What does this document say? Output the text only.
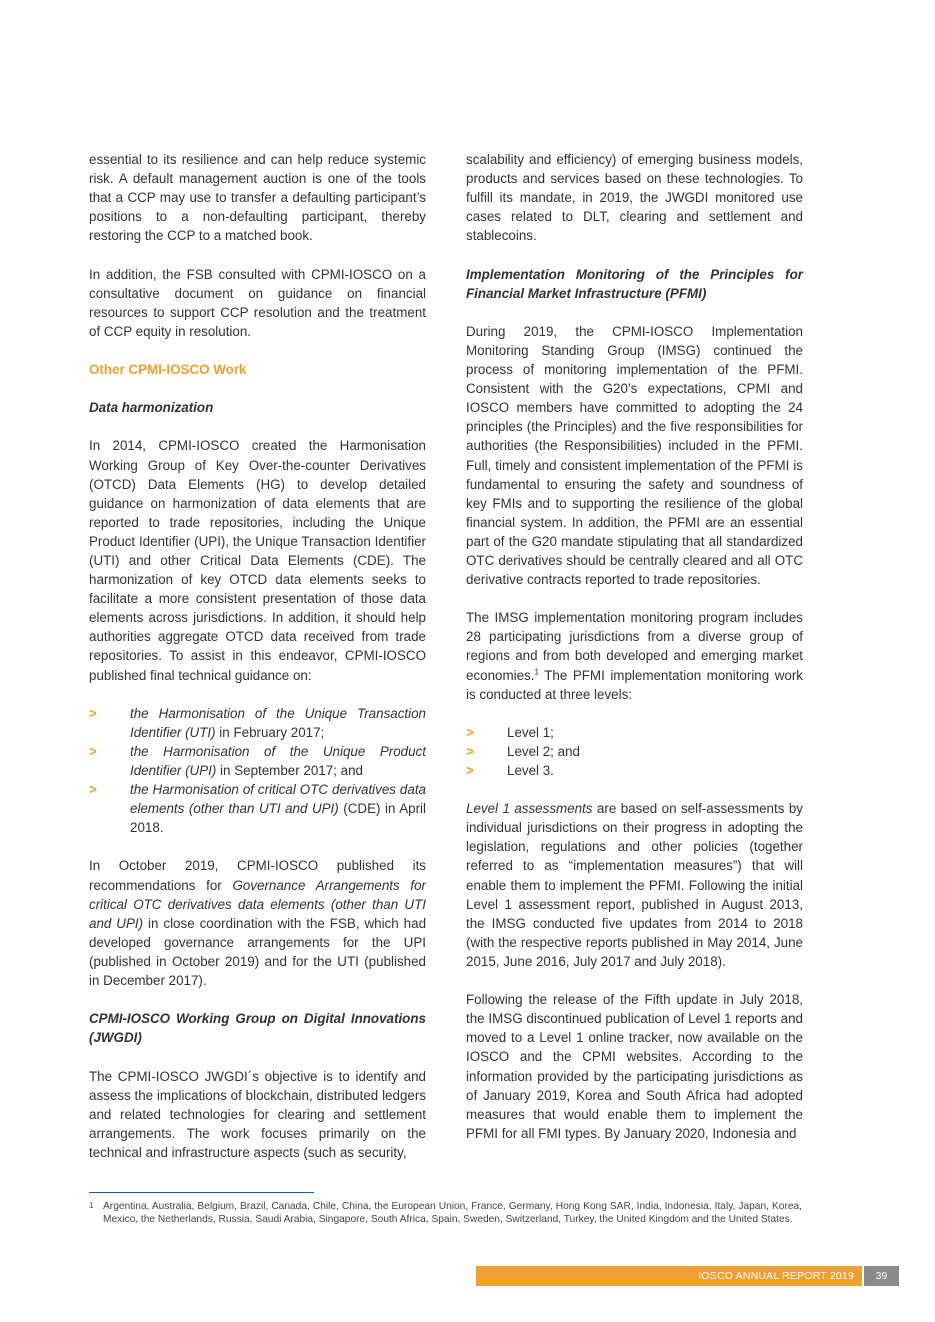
essential to its resilience and can help reduce systemic risk. A default management auction is one of the tools that a CCP may use to transfer a defaulting participant’s positions to a non-defaulting participant, thereby restoring the CCP to a matched book.

In addition, the FSB consulted with CPMI-IOSCO on a consultative document on guidance on financial resources to support CCP resolution and the treatment of CCP equity in resolution.

Other CPMI-IOSCO Work
Data harmonization

In 2014, CPMI-IOSCO created the Harmonisation Working Group of Key Over-the-counter Derivatives (OTCD) Data Elements (HG) to develop detailed guidance on harmonization of data elements that are reported to trade repositories, including the Unique Product Identifier (UPI), the Unique Transaction Identifier (UTI) and other Critical Data Elements (CDE). The harmonization of key OTCD data elements seeks to facilitate a more consistent presentation of those data elements across jurisdictions. In addition, it should help authorities aggregate OTCD data received from trade repositories. To assist in this endeavor, CPMI-IOSCO published final technical guidance on:

> the Harmonisation of the Unique Transaction Identifier (UTI) in February 2017;
> the Harmonisation of the Unique Product Identifier (UPI) in September 2017; and
> the Harmonisation of critical OTC derivatives data elements (other than UTI and UPI) (CDE) in April 2018.

In October 2019, CPMI-IOSCO published its recommendations for Governance Arrangements for critical OTC derivatives data elements (other than UTI and UPI) in close coordination with the FSB, which had developed governance arrangements for the UPI (published in October 2019) and for the UTI (published in December 2017).

CPMI-IOSCO Working Group on Digital Innovations (JWGDI)

The CPMI-IOSCO JWGDI´s objective is to identify and assess the implications of blockchain, distributed ledgers and related technologies for clearing and settlement arrangements. The work focuses primarily on the technical and infrastructure aspects (such as security,

scalability and efficiency) of emerging business models, products and services based on these technologies. To fulfill its mandate, in 2019, the JWGDI monitored use cases related to DLT, clearing and settlement and stablecoins.

Implementation Monitoring of the Principles for Financial Market Infrastructure (PFMI)

During 2019, the CPMI-IOSCO Implementation Monitoring Standing Group (IMSG) continued the process of monitoring implementation of the PFMI. Consistent with the G20’s expectations, CPMI and IOSCO members have committed to adopting the 24 principles (the Principles) and the five responsibilities for authorities (the Responsibilities) included in the PFMI. Full, timely and consistent implementation of the PFMI is fundamental to ensuring the safety and soundness of key FMIs and to supporting the resilience of the global financial system. In addition, the PFMI are an essential part of the G20 mandate stipulating that all standardized OTC derivatives should be centrally cleared and all OTC derivative contracts reported to trade repositories.

The IMSG implementation monitoring program includes 28 participating jurisdictions from a diverse group of regions and from both developed and emerging market economies.$^1$ The PFMI implementation monitoring work is conducted at three levels:

> Level 1;
> Level 2; and
> Level 3.

Level 1 assessments are based on self-assessments by individual jurisdictions on their progress in adopting the legislation, regulations and other policies (together referred to as “implementation measures”) that will enable them to implement the PFMI. Following the initial Level 1 assessment report, published in August 2013, the IMSG conducted five updates from 2014 to 2018 (with the respective reports published in May 2014, June 2015, June 2016, July 2017 and July 2018).

Following the release of the Fifth update in July 2018, the IMSG discontinued publication of Level 1 reports and moved to a Level 1 online tracker, now available on the IOSCO and the CPMI websites. According to the information provided by the participating jurisdictions as of January 2019, Korea and South Africa had adopted measures that would enable them to implement the PFMI for all FMI types. By January 2020, Indonesia and

1 Argentina, Australia, Belgium, Brazil, Canada, Chile, China, the European Union, France, Germany, Hong Kong SAR, India, Indonesia, Italy, Japan, Korea, Mexico, the Netherlands, Russia, Saudi Arabia, Singapore, South Africa, Spain, Sweden, Switzerland, Turkey, the United Kingdom and the United States.
IOSCO ANNUAL REPORT 2019	39
